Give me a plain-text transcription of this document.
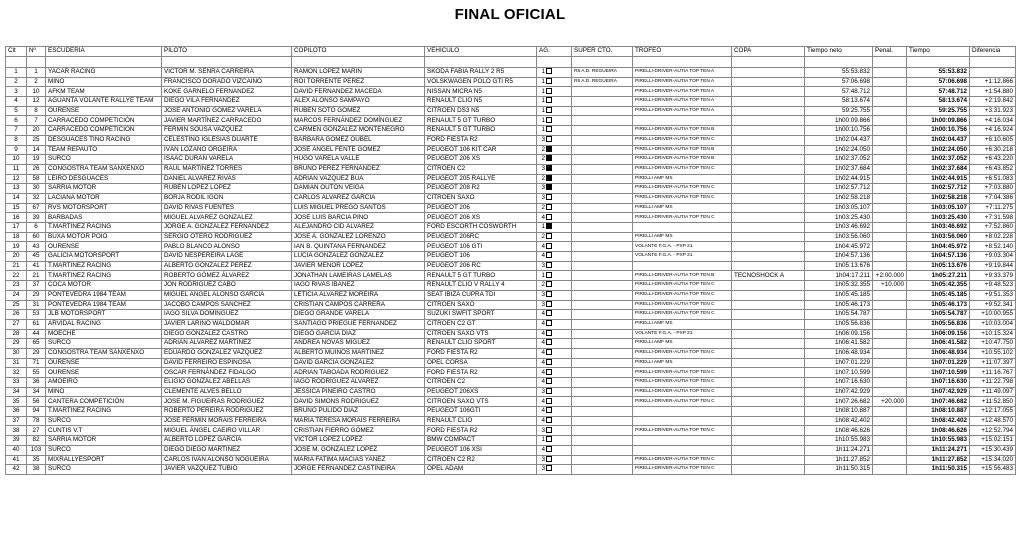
FINAL OFICIAL
Clt	Nº	ESCUDERÍA	PILOTO	COPILOTO	VEHÍCULO	AG.	SUPER CTO.	TROFEO	COPA	Tiempo neto	Penal.	Tiempo	Diferencia

1	1	YACAR RACING	VICTOR M. SENRA CARREIRA	RAMON LOPEZ MARIN	SKODA FABIA RALLY 2 R5	1	R5 A.D. REGUEIRA	PIRELLI-DRIVER-AUTIA TOP TEN A		55:53.832		55:53.832	
2	2	MIÑO	FRANCISCO DORADO VIZCAINO	ROI TORRENTE PEREZ	VOLSKWAGEN POLO GTI R5	1	R5 A.D. REGUEIRA	PIRELLI-DRIVER-AUTIA TOP TEN A		57:06.698		57:06.698	+1:12.866
3	10	AFKM TEAM	KOKE GARNELO FERNANDEZ	DAVID FERNANDEZ MACEDA	NISSAN MICRA N5	1		PIRELLI-DRIVER-AUTIA TOP TEN A		57:48.712		57:48.712	+1:54.880
4	12	AGUANTA VOLANTE RALLYE TEAM	DIEGO VILA FERNANDEZ	ÁLEX ALONSO SAMPAYO	RENAULT CLIO N5	1		PIRELLI-DRIVER-AUTIA TOP TEN A		58:13.674		58:13.674	+2:19.842
5	8	OURENSE	JOSE ANTONIO GÓMEZ VARELA	RUBÉN SOTO GÓMEZ	CITROEN DS3 N5	1		PIRELLI-DRIVER-AUTIA TOP TEN A		59:25.755		59:25.755	+3:31.923
6	7	CARRACEDO COMPETICIÓN	JAVIER MARTÍNEZ CARRACEDO	MARCOS FERNÁNDEZ DOMÍNGUEZ	RENAULT 5 GT TURBO	1				1h00:09.866		1h00:09.866	+4:16.034
7	20	CARRACEDO COMPETICIÓN	FERMIN SOUSA VAZQUEZ	CARMEN GONZALEZ MONTENEGRO	RENAULT 5 GT TURBO	1		PIRELLI-DRIVER-AUTIA TOP TEN B		1h00:10.756		1h00:10.756	+4:16.924
8	25	DESGUACES TINO RACING	CELESTINO IGLESIAS DUARTE	BARBARA GÓMEZ OUBEL	FORD FIESTA R2	3		PIRELLI-DRIVER-AUTIA TOP TEN C		1h02:04.437		1h02:04.437	+6:10.605
9	14	TEAM REPAUTO	IVÁN LOZANO ORGEIRA	JOSÉ ÁNGEL FENTE GÓMEZ	PEUGEOT 106 KIT CAR	2		PIRELLI-DRIVER-AUTIA TOP TEN B		1h02:24.050		1h02:24.050	+6:30.218
10	19	SURCO	ISAAC DURÁN VARELA	HUGO VARELA VALLE	PEUGEOT 206 XS	2		PIRELLI-DRIVER-AUTIA TOP TEN B		1h02:37.052		1h02:37.052	+6:43.220
11	26	CONGOSTRA TEAM SANXENXO	RAUL MARTINEZ TORRES	BRUNO PEREZ FERNÁNDEZ	CITROEN C2	3		PIRELLI-DRIVER-AUTIA TOP TEN C		1h02:37.684		1h02:37.684	+6:43.852
12	58	LEIRO DESGUACES	DANIEL ALVAREZ RIVAS	ADRIÁN VAZQUEZ BÚA	PEUGEOT 205 RALLYE	2		PIRELLI AMF MS		1h02:44.915		1h02:44.915	+6:51.083
13	30	SARRIA MOTOR	RUBÉN LÓPEZ LÓPEZ	DAMIAN OUTÓN VEIGA	PEUGEOT 208 R2	3		PIRELLI-DRIVER-AUTIA TOP TEN C		1h02:57.712		1h02:57.712	+7:03.880
14	32	LACIANA MOTOR	BORJA RODIL IGÓN	CARLOS ÁLVAREZ GARCÍA	CITROEN SAXO	3		PIRELLI-DRIVER-AUTIA TOP TEN C		1h02:58.218		1h02:58.218	+7:04.386
15	67	RVS MOTORSPORT	DAVID RIVAS FUENTES	LUIS MIGUEL PREGO SANTOS	PEUGEOT 206	2		PIRELLI AMF MS		1h03:05.107		1h03:05.107	+7:11.275
16	39	BARBADAS	MIGUEL ALVAREZ GONZALEZ	JOSE LUIS BARCIA PINO	PEUGEOT 206 XS	4		PIRELLI-DRIVER-AUTIA TOP TEN C		1h03:25.430		1h03:25.430	+7:31.598
17	6	T.MARTINEZ RACING	JORGE A. GONZÁLEZ FERNÁNDEZ	ALEJANDRO CID ÁLVAREZ	FORD ESCORTH COSWORTH	1				1h03:46.692		1h03:46.692	+7:52.860
18	60	BUXA MOTOR POIO	SERGIO OTERO RODRIGUEZ	JOSE A. GONZALEZ LORENZO	PEUGEOT 206RC	2		PIRELLI AMF MS		1h03:56.060		1h03:56.060	+8:02.228
19	43	OURENSE	PABLO BLANCO ALONSO	IAN B. QUINTANA FERNANDEZ	PEUGEOT 106 GTI	4		VOLANTE F.G.A. - PXP 21		1h04:45.972		1h04:45.972	+8:52.140
20	45	GALICIA MOTORSPORT	DAVID NESPEREIRA LAGE	LUCIA GONZALEZ GONZALEZ	PEUGEOT 106	4		VOLANTE F.G.A. - PXP 21		1h04:57.136		1h04:57.136	+9:03.304
21	41	T.MARTINEZ RACING	ALBERTO GONZALEZ PEREZ	JAVIER MENOR LOPEZ	PEUGEOT 206 RC	3				1h05:13.676		1h05:13.676	+9:19.844
22	21	T.MARTINEZ RACING	ROBERTO GÓMEZ ÁLVAREZ	JONATHAN LAMEIRAS LAMELAS	RENAULT 5 GT TURBO	1		PIRELLI-DRIVER-AUTIA TOP TEN B	TECNOSHOCK A	1h04:17.211	+2:00.000	1h05:27.211	+9:33.379
23	37	COCA MOTOR	JON RODRIGUEZ CABO	IAGO RIVAS IBAÑEZ	RENAULT CLIO V RALLY 4	2		PIRELLI-DRIVER-AUTIA TOP TEN C		1h05:32.355	+10.000	1h05:42.355	+9:48.523
24	29	PONTEVEDRA 1984 TEAM	MIGUEL ÁNGEL ALONSO GARCIA	LETICIA ÁLVAREZ MOREIRA	SEAT IBIZA CUPRA TDI	3		PIRELLI-DRIVER-AUTIA TOP TEN C		1h05:45.185		1h05:45.185	+9:51.353
25	31	PONTEVEDRA 1984 TEAM	JACOBO CAMPOS SANCHEZ	CRISTIAN CAMPOS CARRERA	CITROEN SAXO	3		PIRELLI-DRIVER-AUTIA TOP TEN C		1h05:46.173		1h05:46.173	+9:52.341
26	53	JLB MOTORSPORT	IAGO SILVA DOMINGUEZ	DIEGO GRANDE VARELA	SUZUKI SWFIT SPORT	4		PIRELLI-DRIVER-AUTIA TOP TEN C		1h05:54.787		1h05:54.787	+10:00.955
27	61	ARVIDAL RACING	JAVIER LARIÑO WALDOMAR	SANTIAGO PRIEGUE FERNANDEZ	CITROEN C2 GT	4		PIRELLI AMF MS		1h05:56.836		1h05:56.836	+10:03.004
28	44	MOECHE	DIEGO GONZÁLEZ CASTRO	DIEGO GARCÍA DÍAZ	CITROEN SAXO VTS	4		VOLANTE F.G.A. - PXP 21		1h06:09.156		1h06:09.156	+10:15.324
29	65	SURCO	ADRIÁN ÁLVAREZ MARTÍNEZ	ANDREA NOVÁS MÍGUEZ	RENAULT CLIO SPORT	4		PIRELLI AMF MS		1h06:41.582		1h06:41.582	+10:47.750
30	29	CONGOSTRA TEAM SANXENXO	EDUARDO GONZALEZ VAZQUEZ	ALBERTO MUIÑOS MARTINEZ	FORD FIESTA R2	4		PIRELLI-DRIVER-AUTIA TOP TEN C		1h06:48.934		1h06:48.934	+10:55.102
31	71	OURENSE	DAVID FERREIRO ESPINOSA	DAVID GARCÍA GONZÁLEZ	OPEL CORSA	4		PIRELLI AMF MS		1h07:01.229		1h07:01.229	+11:07.397
32	55	OURENSE	OSCAR FERNÁNDEZ FIDALGO	ADRIAN TABOADA RODRIGUEZ	FORD FIESTA R2	4		PIRELLI-DRIVER-AUTIA TOP TEN C		1h07:10.599		1h07:10.599	+11:16.767
33	36	AMOEIRO	ELIGIO GONZÁLEZ ABELLÁS	IAGO RODRIGUEZ ALVAREZ	CITROEN C2	4		PIRELLI-DRIVER-AUTIA TOP TEN C		1h07:16.630		1h07:16.630	+11:22.798
34	34	MIÑO	CLEMENTE ALVES BELLO	JESSICA PIÑEIRO CASTRO	PEUGEOT 206XS	3		PIRELLI-DRIVER-AUTIA TOP TEN C		1h07:42.929		1h07:42.929	+11:49.097
35	56	CANTERA COMPETICIÓN	JOSE M. FIGUEIRAS RODRIGUEZ	DAVID SIMONS RODRIGUEZ	CITROEN SAXO VTS	4		PIRELLI-DRIVER-AUTIA TOP TEN C		1h07:26.682	+20.000	1h07:46.682	+11:52.850
36	94	T.MARTINEZ RACING	ROBERTO PEREIRA RODRIGUEZ	BRUNO PULIDO DIAZ	PEUGEOT 106GTI	4				1h08:10.887		1h08:10.887	+12:17.055
37	78	SURCO	JOSÉ FERMÍN MORAIS FERREIRA	MARÍA TERESA MORAIS FERREIRA	RENAULT CLIO	4				1h08:42.402		1h08:42.402	+12:48.570
38	27	CUNTIS V.T	MIGUEL ÁNGEL CAEIRO VILLAR	CRISTIAN FIERRO GÓMEZ	FORD FIESTA R2	3		PIRELLI-DRIVER-AUTIA TOP TEN C		1h08:46.626		1h08:46.626	+12:52.794
39	82	SARRIA MOTOR	ALBERTO LÓPEZ GARCÍA	VÍCTOR LÓPEZ LÓPEZ	BMW COMPACT	1				1h10:55.983		1h10:55.983	+15:02.151
40	103	SURCO	DIEGO DIEGO MARTINEZ	JOSÉ M. GONZALEZ LÓPEZ	PEUGEOT 106 XSI	4				1h11:24.271		1h11:24.271	+15:30.439
41	35	MIXRALLYESPORT	CARLOS IVAN ALONSO NOGUEIRA	MARIA FATIMA MACIAS YAÑEZ	CITROEN C2 R2	3		PIRELLI-DRIVER-AUTIA TOP TEN C		1h11:27.852		1h11:27.852	+15:34.020
42	38	SURCO	JAVIER VAZQUEZ TUBIO	JORGE FERNANDEZ CASTIÑEIRA	OPEL ADAM	3		PIRELLI-DRIVER-AUTIA TOP TEN C		1h11:50.315		1h11:50.315	+15:56.483
